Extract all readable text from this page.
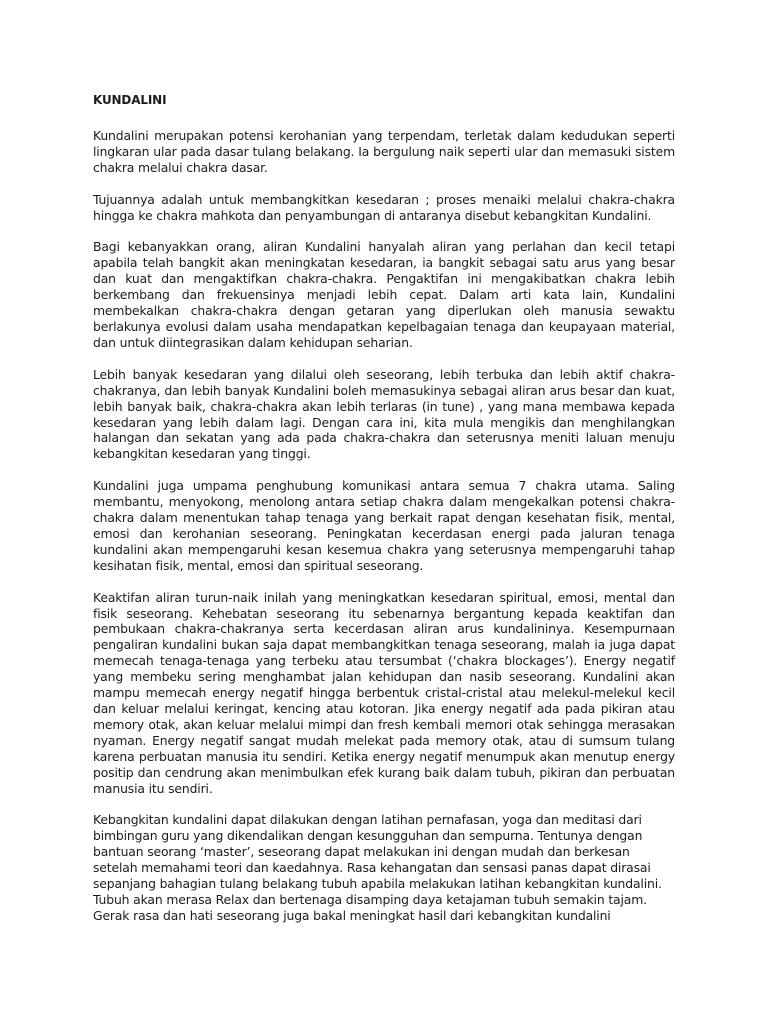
KUNDALINI

Kundalini merupakan potensi kerohanian yang terpendam, terletak dalam kedudukan seperti lingkaran ular pada dasar tulang belakang. Ia bergulung naik seperti ular dan memasuki sistem chakra melalui chakra dasar.

Tujuannya adalah untuk membangkitkan kesedaran ; proses menaiki melalui chakra-chakra hingga ke chakra mahkota dan penyambungan di antaranya disebut kebangkitan Kundalini.

Bagi kebanyakkan orang, aliran Kundalini hanyalah aliran yang perlahan dan kecil tetapi apabila telah bangkit akan meningkatan kesedaran, ia bangkit sebagai satu arus yang besar dan kuat dan mengaktifkan chakra-chakra. Pengaktifan ini mengakibatkan chakra lebih berkembang dan frekuensinya menjadi lebih cepat. Dalam arti kata lain, Kundalini membekalkan chakra-chakra dengan getaran yang diperlukan oleh manusia sewaktu berlakunya evolusi dalam usaha mendapatkan kepelbagaian tenaga dan keupayaan material, dan untuk diintegrasikan dalam kehidupan seharian.

Lebih banyak kesedaran yang dilalui oleh seseorang, lebih terbuka dan lebih aktif chakra-chakranya, dan lebih banyak Kundalini boleh memasukinya sebagai aliran arus besar dan kuat, lebih banyak baik, chakra-chakra akan lebih terlaras (in tune) , yang mana membawa kepada kesedaran yang lebih dalam lagi. Dengan cara ini, kita mula mengikis dan menghilangkan halangan dan sekatan yang ada pada chakra-chakra dan seterusnya meniti laluan menuju kebangkitan kesedaran yang tinggi.

Kundalini juga umpama penghubung komunikasi antara semua 7 chakra utama. Saling membantu, menyokong, menolong antara setiap chakra dalam mengekalkan potensi chakra-chakra dalam menentukan tahap tenaga yang berkait rapat dengan kesehatan fisik, mental, emosi dan kerohanian seseorang. Peningkatan kecerdasan energi pada jaluran tenaga kundalini akan mempengaruhi kesan kesemua chakra yang seterusnya mempengaruhi tahap kesihatan fisik, mental, emosi dan spiritual seseorang.

Keaktifan aliran turun-naik inilah yang meningkatkan kesedaran spiritual, emosi, mental dan fisik seseorang. Kehebatan seseorang itu sebenarnya bergantung kepada keaktifan dan pembukaan chakra-chakranya serta kecerdasan aliran arus kundalininya. Kesempurnaan pengaliran kundalini bukan saja dapat membangkitkan tenaga seseorang, malah ia juga dapat memecah tenaga-tenaga yang terbeku atau tersumbat (‘chakra blockages’). Energy negatif yang membeku sering menghambat jalan kehidupan dan nasib seseorang. Kundalini akan mampu memecah energy negatif hingga berbentuk cristal-cristal atau melekul-melekul kecil dan keluar melalui keringat, kencing atau kotoran. Jika energy negatif ada pada pikiran atau memory otak, akan keluar melalui mimpi dan fresh kembali memori otak sehingga merasakan nyaman. Energy negatif sangat mudah melekat pada memory otak, atau di sumsum tulang karena perbuatan manusia itu sendiri. Ketika energy negatif menumpuk akan menutup energy positip dan cendrung akan menimbulkan efek kurang baik dalam tubuh, pikiran dan perbuatan manusia itu sendiri.

Kebangkitan kundalini dapat dilakukan dengan latihan pernafasan, yoga dan meditasi dari bimbingan guru yang dikendalikan dengan kesungguhan dan sempurna. Tentunya dengan bantuan seorang ‘master’, seseorang dapat melakukan ini dengan mudah dan berkesan setelah memahami teori dan kaedahnya. Rasa kehangatan dan sensasi panas dapat dirasai sepanjang bahagian tulang belakang tubuh apabila melakukan latihan kebangkitan kundalini. Tubuh akan merasa Relax dan bertenaga disamping daya ketajaman tubuh semakin tajam. Gerak rasa dan hati seseorang juga bakal meningkat hasil dari kebangkitan kundalini
